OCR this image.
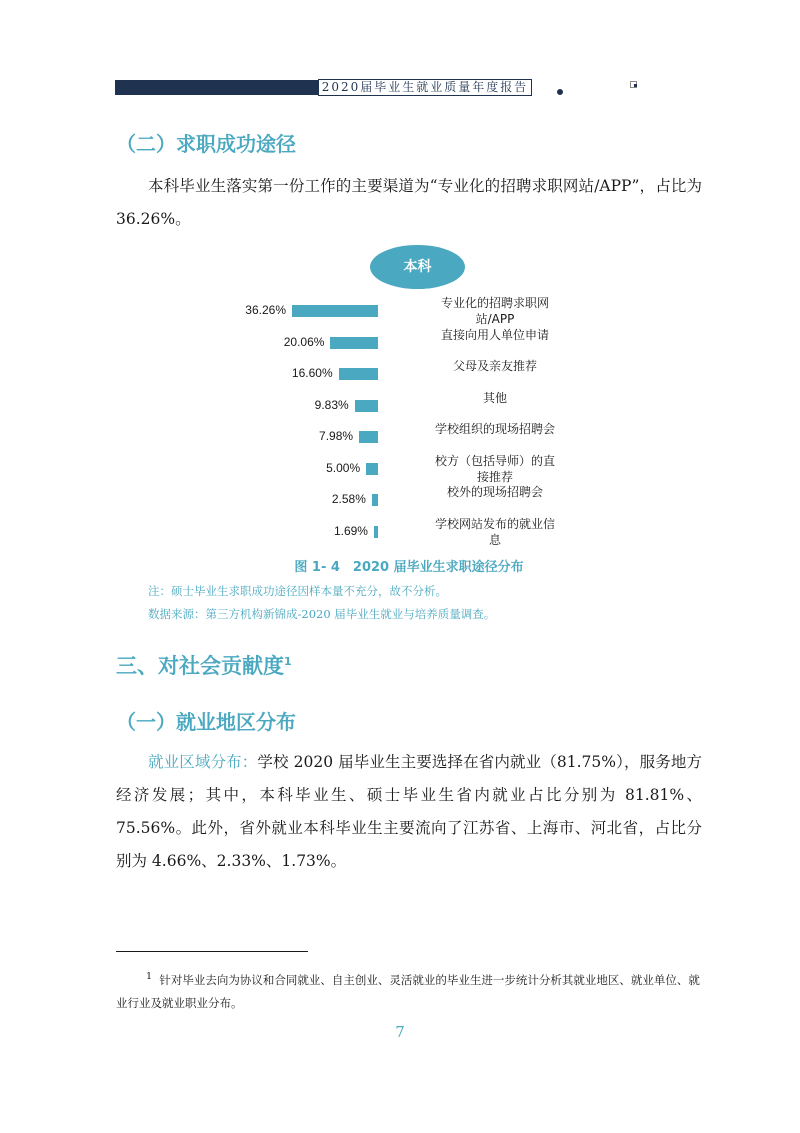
2020届毕业生就业质量年度报告
（二）求职成功途径

本科毕业生落实第一份工作的主要渠道为“专业化的招聘求职网站/APP”，占比为36.26%。

本科
36.26%	专业化的招聘求职网站/APP
20.06%	直接向用人单位申请
16.60%	父母及亲友推荐
9.83%	其他
7.98%	学校组织的现场招聘会
5.00%	校方（包括导师）的直接推荐
2.58%	校外的现场招聘会
1.69%	学校网站发布的就业信息
图 1- 4　2020 届毕业生求职途径分布
注：硕士毕业生求职成功途径因样本量不充分，故不分析。
数据来源：第三方机构新锦成-2020 届毕业生就业与培养质量调查。
三、对社会贡献度$^1$
（一）就业地区分布

就业区域分布：学校 2020 届毕业生主要选择在省内就业（81.75%），服务地方经济发展；其中，本科毕业生、硕士毕业生省内就业占比分别为 81.81%、75.56%。此外，省外就业本科毕业生主要流向了江苏省、上海市、河北省，占比分别为 4.66%、2.33%、1.73%。

$^1$ 针对毕业去向为协议和合同就业、自主创业、灵活就业的毕业生进一步统计分析其就业地区、就业单位、就业行业及就业职业分布。

7
